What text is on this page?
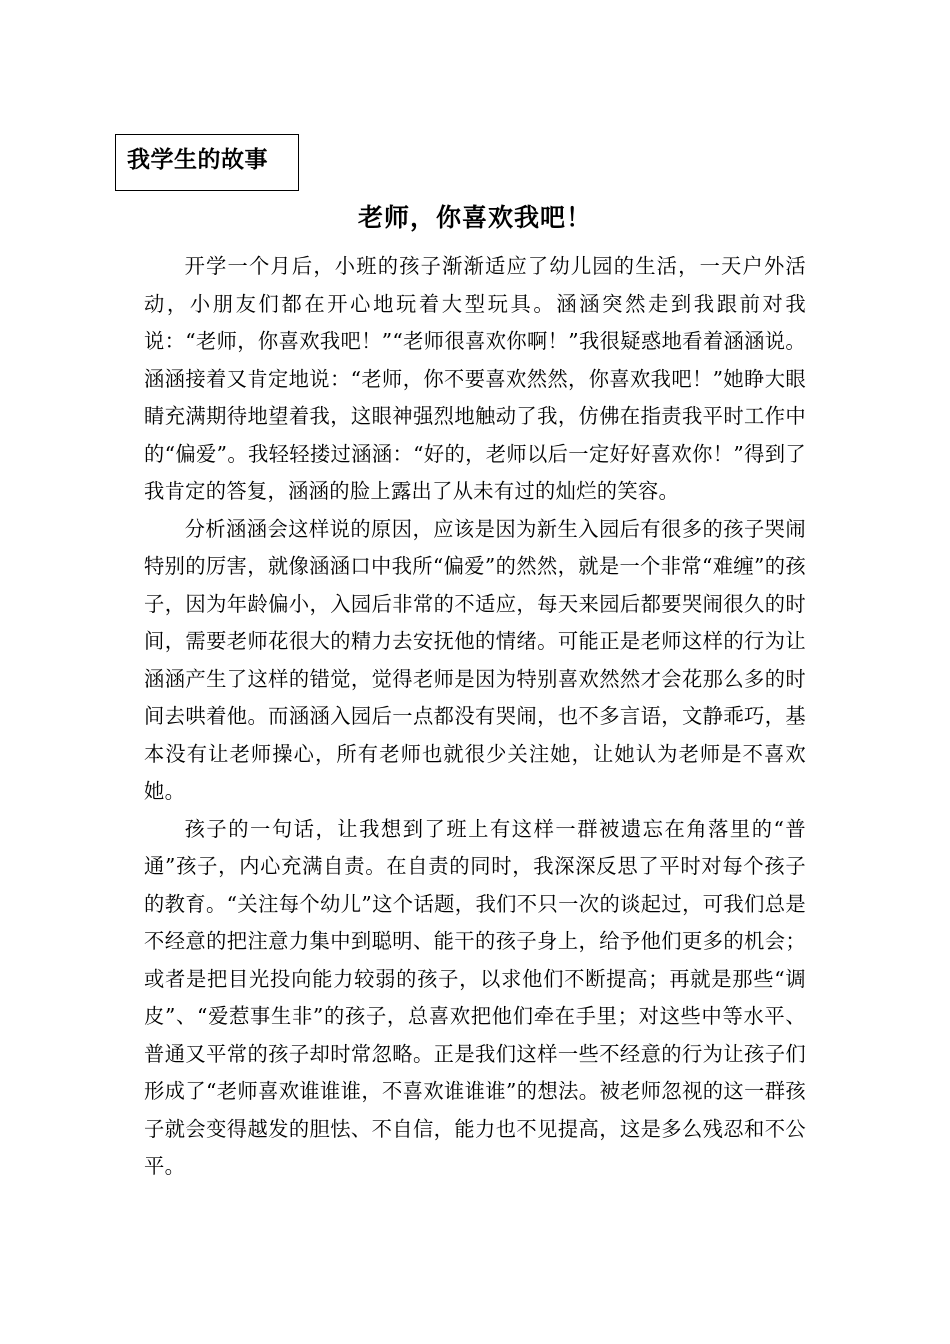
我学生的故事
老师，你喜欢我吧！

开学一个月后，小班的孩子渐渐适应了幼儿园的生活，一天户外活动，小朋友们都在开心地玩着大型玩具。涵涵突然走到我跟前对我说：“老师，你喜欢我吧！”“老师很喜欢你啊！”我很疑惑地看着涵涵说。涵涵接着又肯定地说：“老师，你不要喜欢然然，你喜欢我吧！”她睁大眼睛充满期待地望着我，这眼神强烈地触动了我，仿佛在指责我平时工作中的“偏爱”。我轻轻搂过涵涵：“好的，老师以后一定好好喜欢你！”得到了我肯定的答复，涵涵的脸上露出了从未有过的灿烂的笑容。

分析涵涵会这样说的原因，应该是因为新生入园后有很多的孩子哭闹特别的厉害，就像涵涵口中我所“偏爱”的然然，就是一个非常“难缠”的孩子，因为年龄偏小，入园后非常的不适应，每天来园后都要哭闹很久的时间，需要老师花很大的精力去安抚他的情绪。可能正是老师这样的行为让涵涵产生了这样的错觉，觉得老师是因为特别喜欢然然才会花那么多的时间去哄着他。而涵涵入园后一点都没有哭闹，也不多言语，文静乖巧，基本没有让老师操心，所有老师也就很少关注她，让她认为老师是不喜欢她。

孩子的一句话，让我想到了班上有这样一群被遗忘在角落里的“普通”孩子，内心充满自责。在自责的同时，我深深反思了平时对每个孩子的教育。“关注每个幼儿”这个话题，我们不只一次的谈起过，可我们总是不经意的把注意力集中到聪明、能干的孩子身上，给予他们更多的机会；或者是把目光投向能力较弱的孩子，以求他们不断提高；再就是那些“调皮”、“爱惹事生非”的孩子，总喜欢把他们牵在手里；对这些中等水平、普通又平常的孩子却时常忽略。正是我们这样一些不经意的行为让孩子们形成了“老师喜欢谁谁谁，不喜欢谁谁谁”的想法。被老师忽视的这一群孩子就会变得越发的胆怯、不自信，能力也不见提高，这是多么残忍和不公平。
